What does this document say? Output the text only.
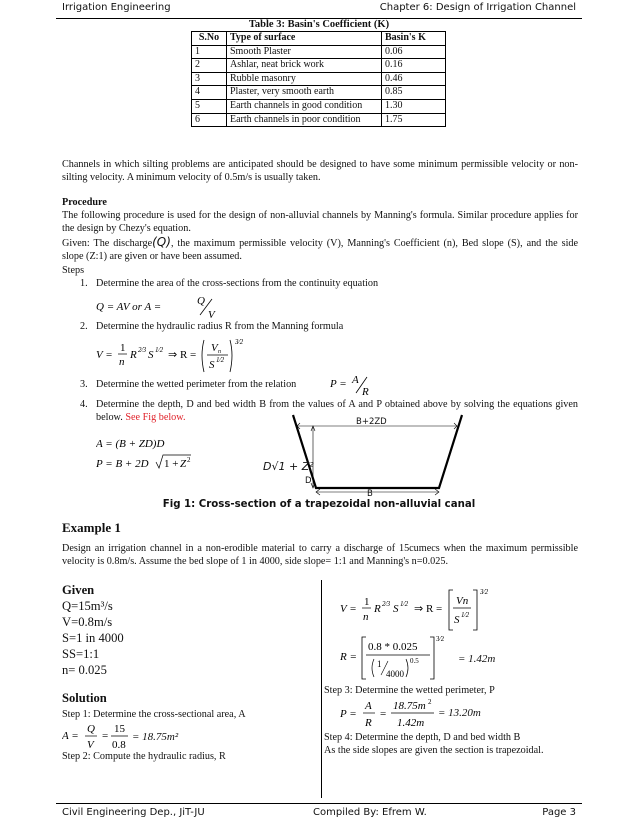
Irrigation Engineering	Chapter 6: Design of Irrigation Channel
Civil Engineering Dep., JiT-JU	Compiled By: Efrem W.	Page 3
Table 3: Basin's Coefficient (K)
S.No	Type of surface	Basin's K
1	Smooth Plaster	0.06
2	Ashlar, neat brick work	0.16
3	Rubble masonry	0.46
4	Plaster, very smooth earth	0.85
5	Earth channels in good condition	1.30
6	Earth channels in poor condition	1.75
Channels in which silting problems are anticipated should be designed to have some minimum permissible velocity or non-silting velocity. A minimum velocity of 0.5m/s is usually taken.
Procedure
The following procedure is used for the design of non-alluvial channels by Manning's formula. Similar procedure applies for the design by Chezy's equation.
Given: The discharge(Q), the maximum permissible velocity (V), Manning's Coefficient (n), Bed slope (S), and the side slope (Z:1) are given or have been assumed.
Steps
1. Determine the area of the cross-sections from the continuity equation
Q = AV or A =	Q
V
2. Determine the hydraulic radius R from the Manning formula
V =
1
n
R 2⁄3 S 1⁄2 ⇒ R =
V n
S 1⁄2
3⁄2
3. Determine the wetted perimeter from the relation	P = A
R
4. Determine the depth, D and bed width B from the values of A and P obtained above by solving the equations given below. See Fig below.
A = (B + ZD)D
P = B + 2D 1 + Z 2
B+2ZD
D
B
D√1 + Z²
Fig 1: Cross-section of a trapezoidal non-alluvial canal
Example 1
Design an irrigation channel in a non-erodible material to carry a discharge of 15cumecs when the maximum permissible velocity is 0.8m/s. Assume the bed slope of 1 in 4000, side slope= 1:1 and Manning's n=0.025.
Given
Q=15m³/s
V=0.8m/s
S=1 in 4000
SS=1:1
n= 0.025
Solution
Step 1: Determine the cross-sectional area, A
A =
Q
V
=
15
0.8
= 18.75m²
Step 2: Compute the hydraulic radius, R
V =
1
n
R 2⁄3 S 1⁄2 ⇒ R =
Vn
S 1⁄2
3⁄2
R =
0.8 * 0.025
1
4000
0.5
3⁄2
= 1.42m
Step 3: Determine the wetted perimeter, P
P =
A
R
=
18.75m 2
1.42m
= 13.20m
Step 4: Determine the depth, D and bed width B
As the side slopes are given the section is trapezoidal.
